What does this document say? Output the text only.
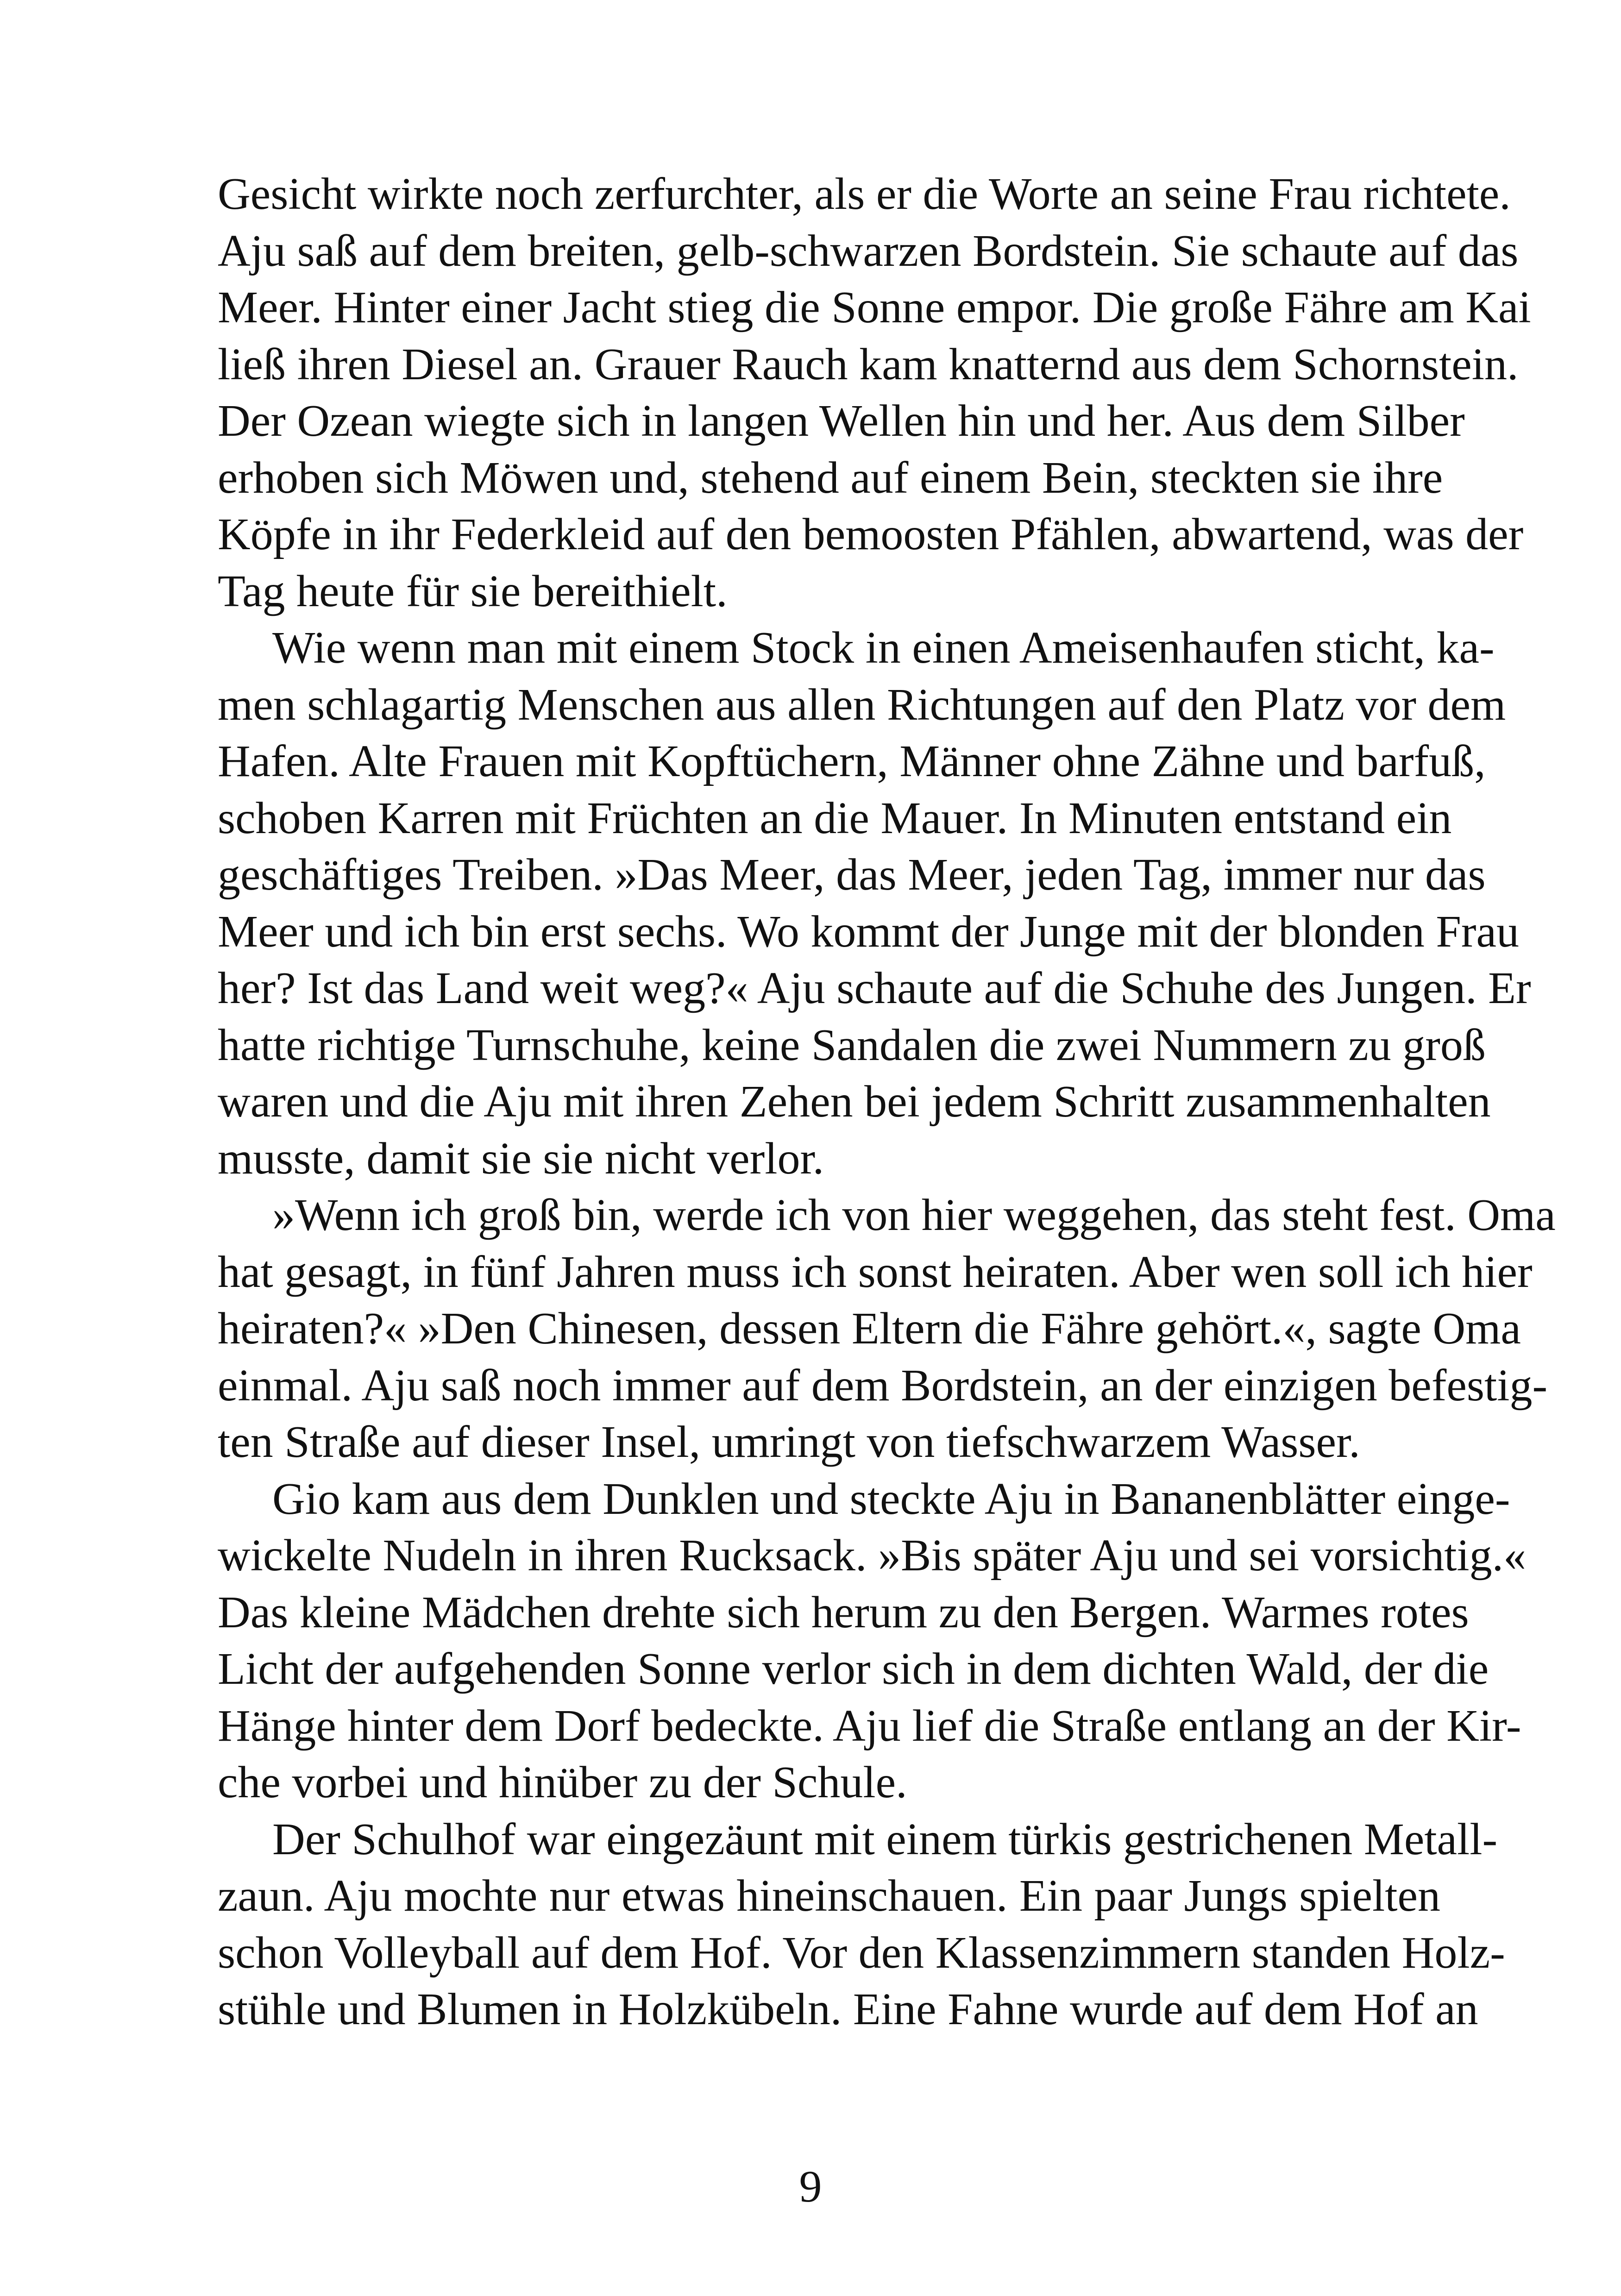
Gesicht wirkte noch zerfurchter, als er die Worte an seine Frau richtete.
Aju saß auf dem breiten, gelb-schwarzen Bordstein. Sie schaute auf das
Meer. Hinter einer Jacht stieg die Sonne empor. Die große Fähre am Kai
ließ ihren Diesel an. Grauer Rauch kam knatternd aus dem Schornstein.
Der Ozean wiegte sich in langen Wellen hin und her. Aus dem Silber
erhoben sich Möwen und, stehend auf einem Bein, steckten sie ihre
Köpfe in ihr Federkleid auf den bemoosten Pfählen, abwartend, was der
Tag heute für sie bereithielt.

Wie wenn man mit einem Stock in einen Ameisenhaufen sticht, ka-
men schlagartig Menschen aus allen Richtungen auf den Platz vor dem
Hafen. Alte Frauen mit Kopftüchern, Männer ohne Zähne und barfuß,
schoben Karren mit Früchten an die Mauer. In Minuten entstand ein
geschäftiges Treiben. »Das Meer, das Meer, jeden Tag, immer nur das
Meer und ich bin erst sechs. Wo kommt der Junge mit der blonden Frau
her? Ist das Land weit weg?« Aju schaute auf die Schuhe des Jungen. Er
hatte richtige Turnschuhe, keine Sandalen die zwei Nummern zu groß
waren und die Aju mit ihren Zehen bei jedem Schritt zusammenhalten
musste, damit sie sie nicht verlor.

»Wenn ich groß bin, werde ich von hier weggehen, das steht fest. Oma
hat gesagt, in fünf Jahren muss ich sonst heiraten. Aber wen soll ich hier
heiraten?« »Den Chinesen, dessen Eltern die Fähre gehört.«, sagte Oma
einmal. Aju saß noch immer auf dem Bordstein, an der einzigen befestig-
ten Straße auf dieser Insel, umringt von tiefschwarzem Wasser.

Gio kam aus dem Dunklen und steckte Aju in Bananenblätter einge-
wickelte Nudeln in ihren Rucksack. »Bis später Aju und sei vorsichtig.«
Das kleine Mädchen drehte sich herum zu den Bergen. Warmes rotes
Licht der aufgehenden Sonne verlor sich in dem dichten Wald, der die
Hänge hinter dem Dorf bedeckte. Aju lief die Straße entlang an der Kir-
che vorbei und hinüber zu der Schule.

Der Schulhof war eingezäunt mit einem türkis gestrichenen Metall-
zaun. Aju mochte nur etwas hineinschauen. Ein paar Jungs spielten
schon Volleyball auf dem Hof. Vor den Klassenzimmern standen Holz-
stühle und Blumen in Holzkübeln. Eine Fahne wurde auf dem Hof an

9
